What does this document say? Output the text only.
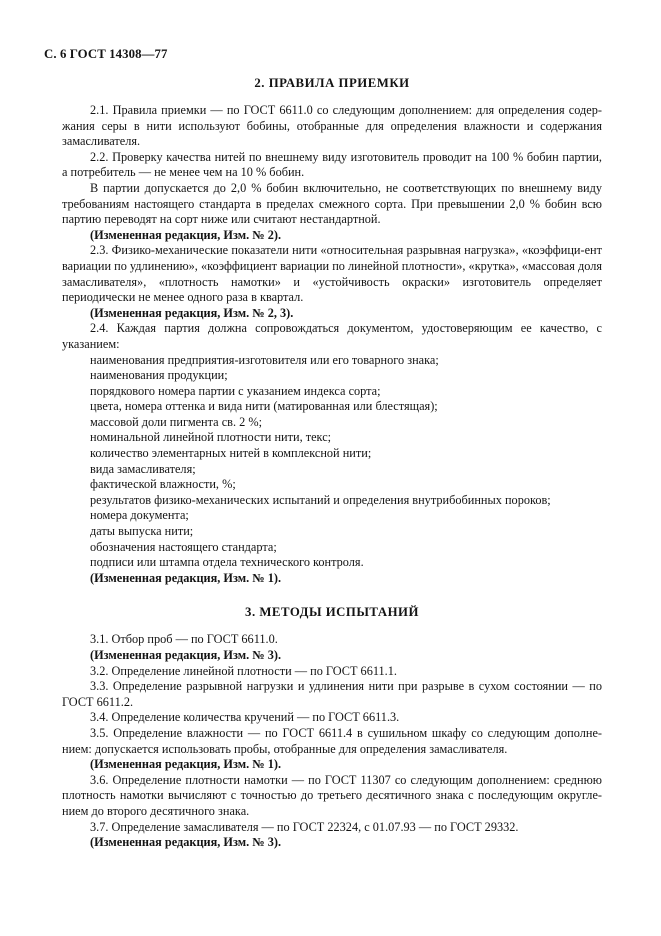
С. 6 ГОСТ 14308—77
2. ПРАВИЛА ПРИЕМКИ

2.1. Правила приемки — по ГОСТ 6611.0 со следующим дополнением: для определения содер-жания серы в нити используют бобины, отобранные для определения влажности и содержания замасливателя.

2.2. Проверку качества нитей по внешнему виду изготовитель проводит на 100 % бобин партии, а потребитель — не менее чем на 10 % бобин.

В партии допускается до 2,0 % бобин включительно, не соответствующих по внешнему виду требованиям настоящего стандарта в пределах смежного сорта. При превышении 2,0 % бобин всю партию переводят на сорт ниже или считают нестандартной.

(Измененная редакция, Изм. № 2).

2.3. Физико-механические показатели нити «относительная разрывная нагрузка», «коэффици-ент вариации по удлинению», «коэффициент вариации по линейной плотности», «крутка», «массовая доля замасливателя», «плотность намотки» и «устойчивость окраски» изготовитель определяет периодически не менее одного раза в квартал.

(Измененная редакция, Изм. № 2, 3).

2.4. Каждая партия должна сопровождаться документом, удостоверяющим ее качество, с указанием:

наименования предприятия-изготовителя или его товарного знака;

наименования продукции;

порядкового номера партии с указанием индекса сорта;

цвета, номера оттенка и вида нити (матированная или блестящая);

массовой доли пигмента св. 2 %;

номинальной линейной плотности нити, текс;

количество элементарных нитей в комплексной нити;

вида замасливателя;

фактической влажности, %;

результатов физико-механических испытаний и определения внутрибобинных пороков;

номера документа;

даты выпуска нити;

обозначения настоящего стандарта;

подписи или штампа отдела технического контроля.

(Измененная редакция, Изм. № 1).

3. МЕТОДЫ ИСПЫТАНИЙ

3.1. Отбор проб — по ГОСТ 6611.0.

(Измененная редакция, Изм. № 3).

3.2. Определение линейной плотности — по ГОСТ 6611.1.

3.3. Определение разрывной нагрузки и удлинения нити при разрыве в сухом состоянии — по ГОСТ 6611.2.

3.4. Определение количества кручений — по ГОСТ 6611.3.

3.5. Определение влажности — по ГОСТ 6611.4 в сушильном шкафу со следующим дополне-нием: допускается использовать пробы, отобранные для определения замасливателя.

(Измененная редакция, Изм. № 1).

3.6. Определение плотности намотки — по ГОСТ 11307 со следующим дополнением: среднюю плотность намотки вычисляют с точностью до третьего десятичного знака с последующим округле-нием до второго десятичного знака.

3.7. Определение замасливателя — по ГОСТ 22324, с 01.07.93 — по ГОСТ 29332.

(Измененная редакция, Изм. № 3).
